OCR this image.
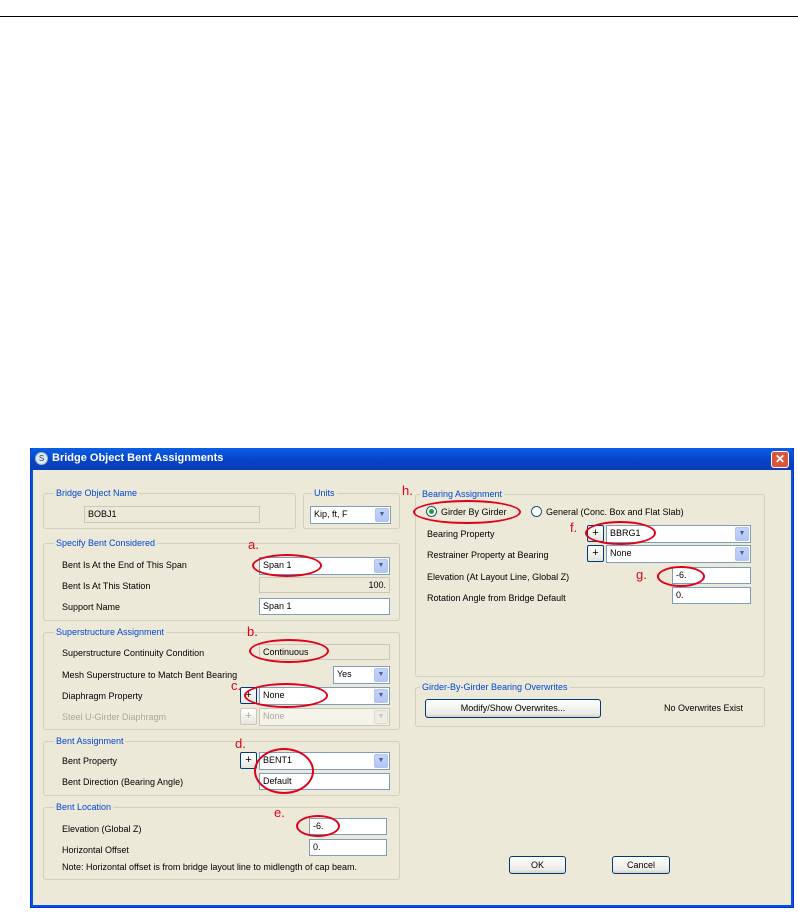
S Bridge Object Bent Assignments	✕
Bridge Object Name
BOBJ1
Units
Kip, ft, F	▼
Specify Bent Considered
Bent Is At the End of This Span	Span 1	▼
Bent Is At This Station	100.
Support Name	Span 1
Superstructure Assignment
Superstructure Continuity Condition	Continuous
Mesh Superstructure to Match Bent Bearing	Yes	▼
Diaphragm Property	+	None	▼
Steel U-Girder Diaphragm	+	None	▼
Bent Assignment
Bent Property	+	BENT1	▼
Bent Direction (Bearing Angle)	Default
Bent Location
Elevation (Global Z)	-6.
Horizontal Offset	0.
Note: Horizontal offset is from bridge layout line to midlength of cap beam.
Bearing Assignment
Girder By Girder	General (Conc. Box and Flat Slab)
Bearing Property	+	BBRG1	▼
Restrainer Property at Bearing	+	None	▼
Elevation (At Layout Line, Global Z)	-6.
Rotation Angle from Bridge Default	0.
Girder-By-Girder Bearing Overwrites
Modify/Show Overwrites...	No Overwrites Exist
OK	Cancel
a.
b.
c.
d.
e.
f.
g.
h.
